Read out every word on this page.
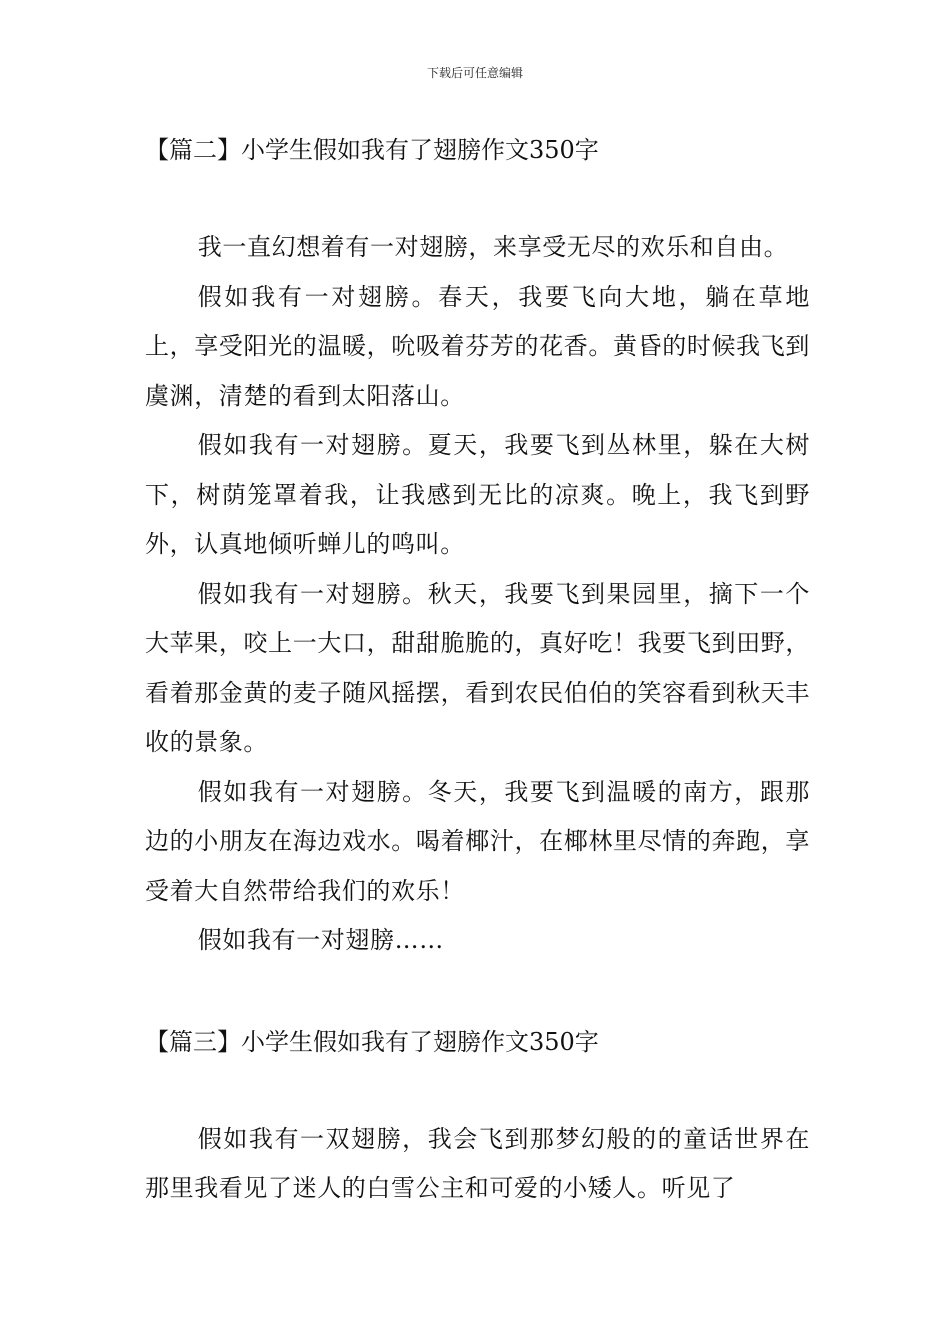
下载后可任意编辑
【篇二】小学生假如我有了翅膀作文350字

我一直幻想着有一对翅膀，来享受无尽的欢乐和自由。

假如我有一对翅膀。春天，我要飞向大地，躺在草地上，享受阳光的温暖，吮吸着芬芳的花香。黄昏的时候我飞到虞渊，清楚的看到太阳落山。

假如我有一对翅膀。夏天，我要飞到丛林里，躲在大树下，树荫笼罩着我，让我感到无比的凉爽。晚上，我飞到野外，认真地倾听蝉儿的鸣叫。

假如我有一对翅膀。秋天，我要飞到果园里，摘下一个大苹果，咬上一大口，甜甜脆脆的，真好吃！我要飞到田野，看着那金黄的麦子随风摇摆，看到农民伯伯的笑容看到秋天丰收的景象。

假如我有一对翅膀。冬天，我要飞到温暖的南方，跟那边的小朋友在海边戏水。喝着椰汁，在椰林里尽情的奔跑，享受着大自然带给我们的欢乐！

假如我有一对翅膀……

【篇三】小学生假如我有了翅膀作文350字

假如我有一双翅膀，我会飞到那梦幻般的的童话世界在那里我看见了迷人的白雪公主和可爱的小矮人。听见了
